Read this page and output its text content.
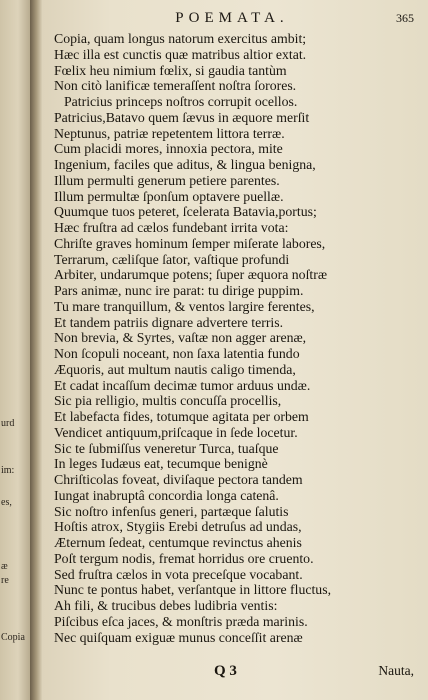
urd
im:
es,
æ
re
Copia
POEMATA.	365
Copia, quam longus natorum exercitus ambit;
Hæc illa est cunctis quæ matribus altior extat.
Fœlix heu nimium fœlix, si gaudia tantùm
Non citò lanificæ temeraſſent noſtra ſorores.
Patricius princeps noſtros corrupit ocellos.
Patricius,Batavo quem ſævus in æquore merſit
Neptunus, patriæ repetentem littora terræ.
Cum placidi mores, innoxia pectora, mite
Ingenium, faciles que aditus, & lingua benigna,
Illum permulti generum petiere parentes.
Illum permultæ ſponſum optavere puellæ.
Quumque tuos peteret, ſcelerata Batavia,portus;
Hæc fruſtra ad cælos fundebant irrita vota:
Chriſte graves hominum ſemper miſerate labores,
Terrarum, cæliſque ſator, vaſtique profundi
Arbiter, undarumque potens; ſuper æquora noſtræ
Pars animæ, nunc ire parat: tu dirige puppim.
Tu mare tranquillum, & ventos largire ferentes,
Et tandem patriis dignare advertere terris.
Non brevia, & Syrtes, vaſtæ non agger arenæ,
Non ſcopuli noceant, non ſaxa latentia fundo
Æquoris, aut multum nautis caligo timenda,
Et cadat incaſſum decimæ tumor arduus undæ.
Sic pia relligio, multis concuſſa procellis,
Et labefacta fides, totumque agitata per orbem
Vendicet antiquum,priſcaque in ſede locetur.
Sic te ſubmiſſus veneretur Turca, tuaſque
In leges Iudæus eat, tecumque benignè
Chriſticolas foveat, diviſaque pectora tandem
Iungat inabruptâ concordia longa catenâ.
Sic noſtro infenſus generi, partæque ſalutis
Hoſtis atrox, Stygiis Erebi detruſus ad undas,
Æternum ſedeat, centumque revinctus ahenis
Poſt tergum nodis, fremat horridus ore cruento.
Sed fruſtra cælos in vota preceſque vocabant.
Nunc te pontus habet, verſantque in littore fluctus,
Ah fili, & trucibus debes ludibria ventis:
Piſcibus eſca jaces, & monſtris præda marinis.
Nec quiſquam exiguæ munus conceſſit arenæ
Q 3	Nauta,
